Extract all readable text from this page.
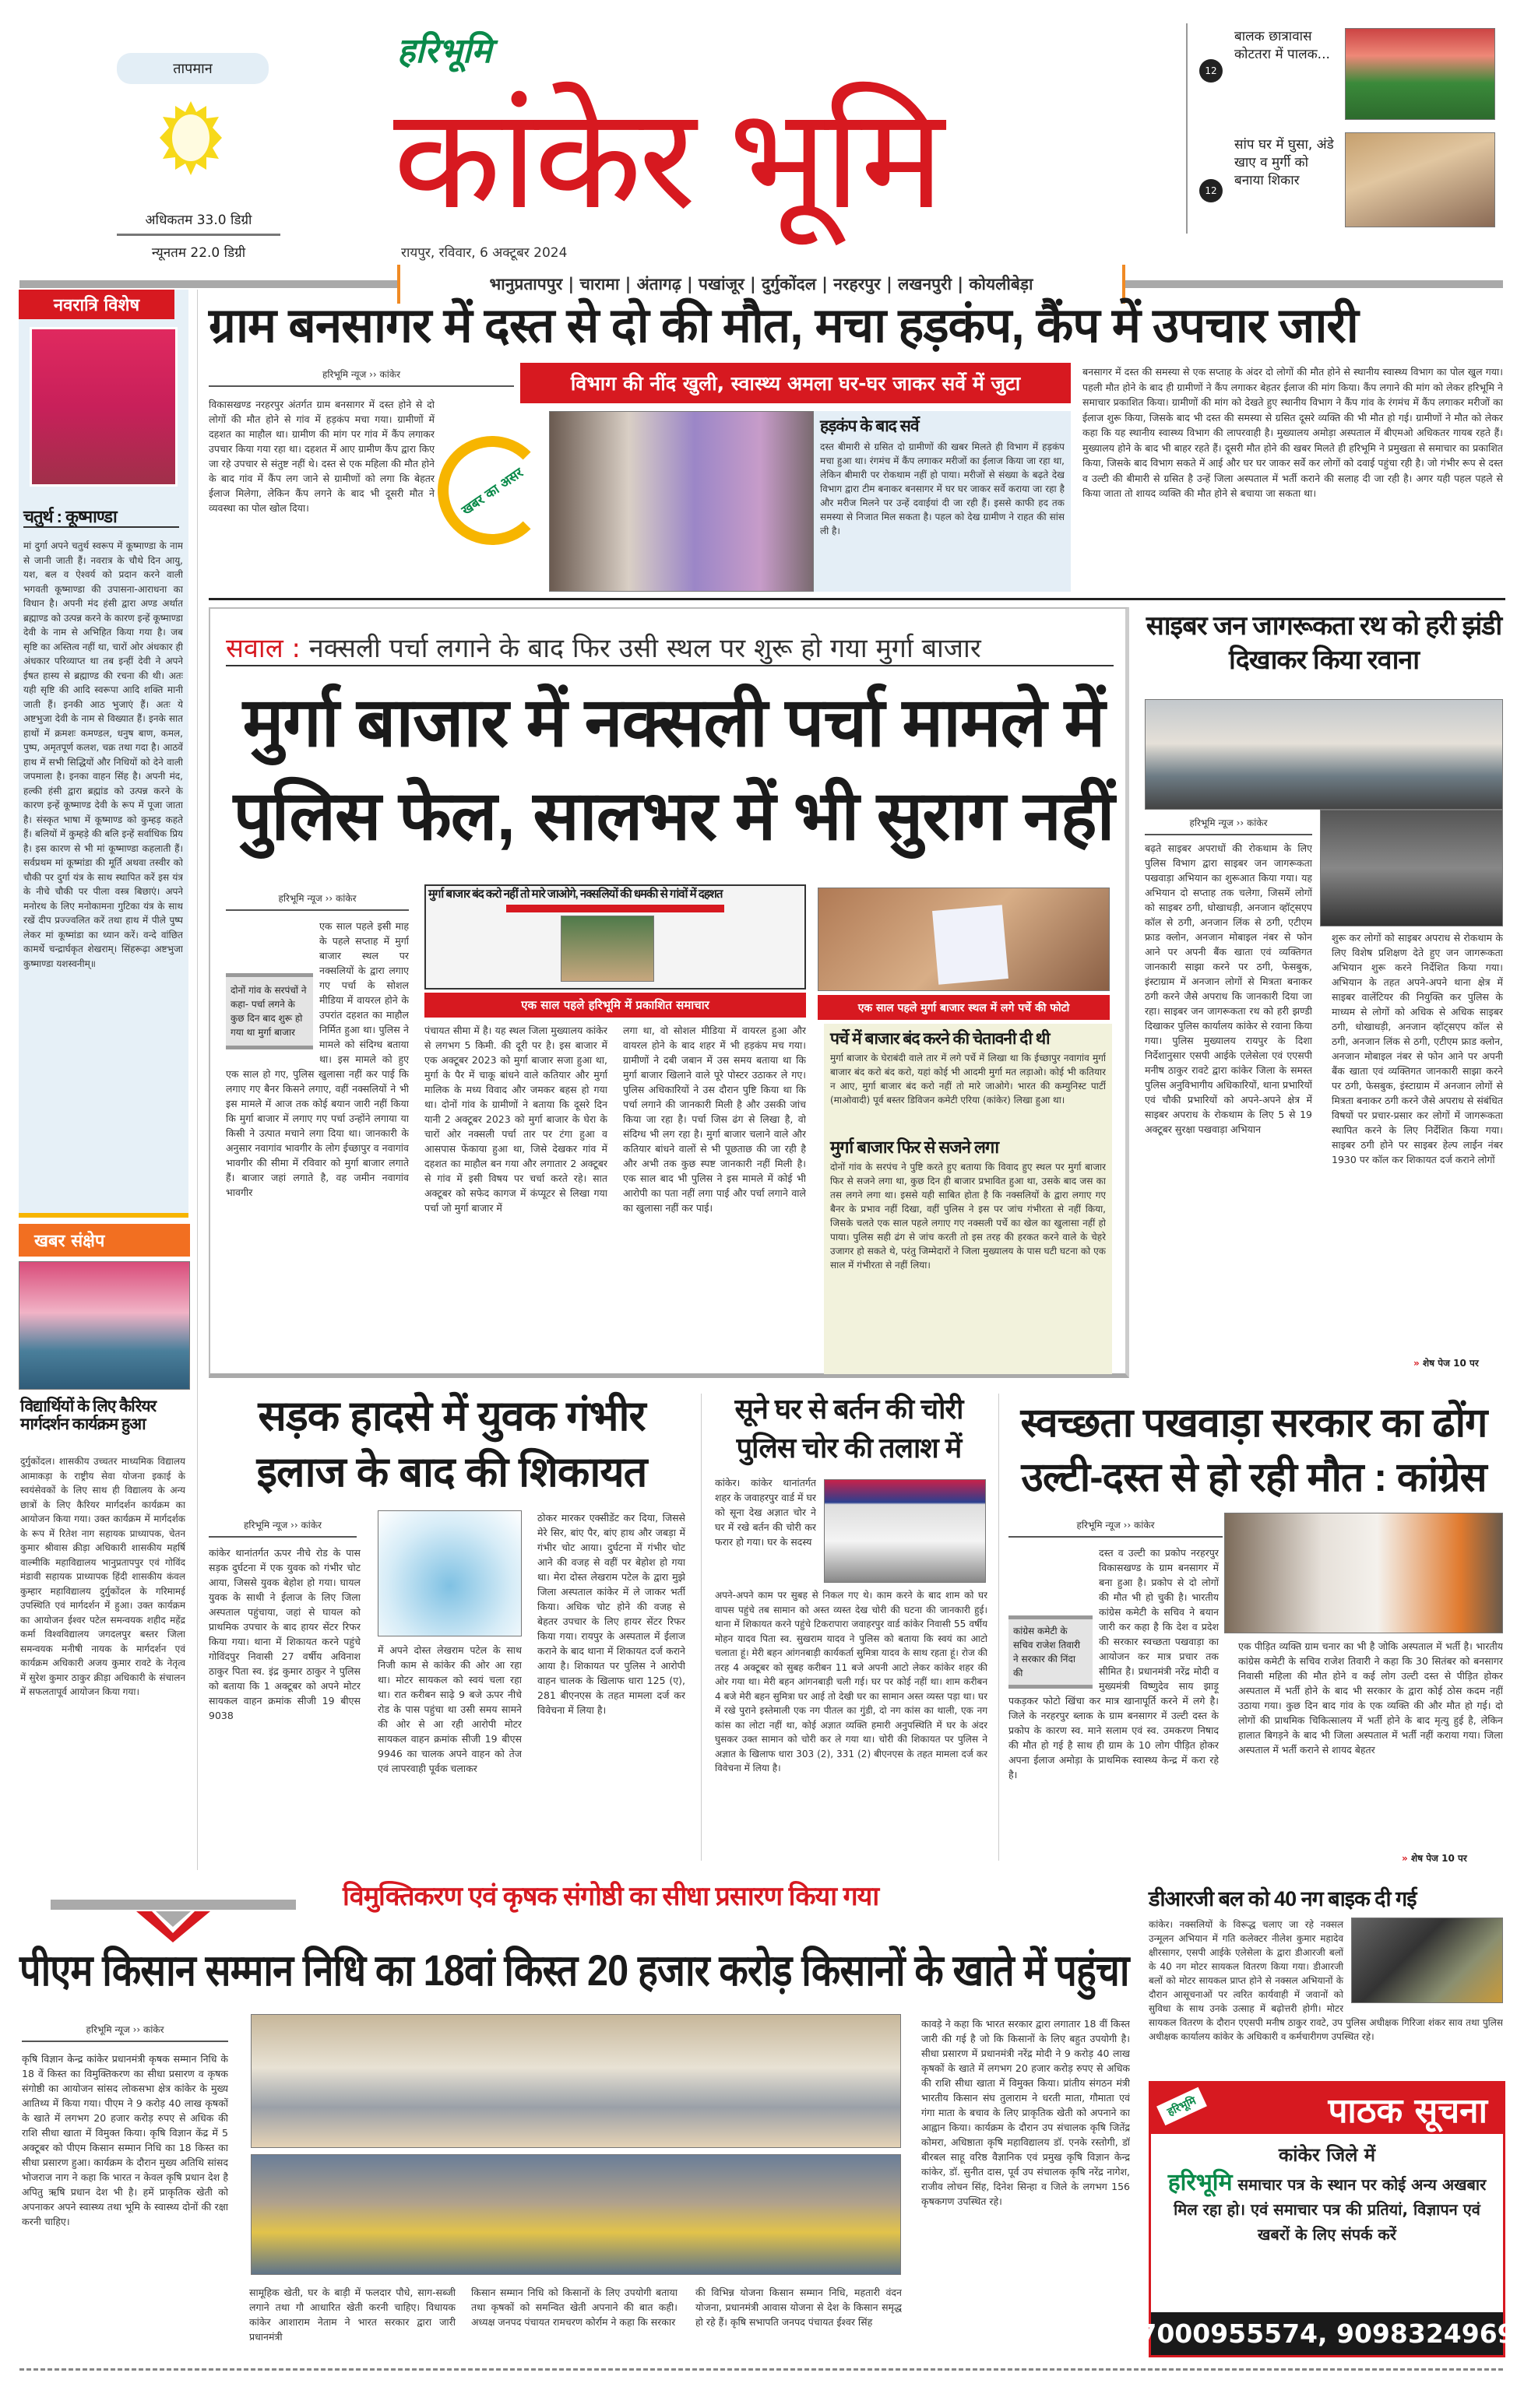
तापमान
अधिकतम 33.0 डिग्री
न्यूनतम 22.0 डिग्री
हरिभूमि
कांकेर भूमि
रायपुर, रविवार, 6 अक्टूबर 2024
भानुप्रतापपुर | चारामा | अंतागढ़ | पखांजूर | दुर्गुकोंदल | नरहरपुर | लखनपुरी | कोयलीबेड़ा
12
बालक छात्रावास कोटतरा में पालक...
12
सांप घर में घुसा, अंडे खाए व मुर्गी को बनाया शिकार
नवरात्रि विशेष
चतुर्थ : कूष्माण्डा
मां दुर्गा अपने चतुर्थ स्वरूप में कूष्माण्डा के नाम से जानी जाती हैं। नवरात्र के चौथे दिन आयु, यश, बल व ऐश्वर्य को प्रदान करने वाली भगवती कूष्माण्डा की उपासना-आराधना का विधान है। अपनी मंद हंसी द्वारा अण्ड अर्थात ब्रह्माण्ड को उत्पन्न करने के कारण इन्हें कूष्माण्डा देवी के नाम से अभिहित किया गया है। जब सृष्टि का अस्तित्व नहीं था, चारों ओर अंधकार ही अंधकार परिव्याप्त था तब इन्हीं देवी ने अपने ईषत हास्य से ब्रह्माण्ड की रचना की थी। अतः यही सृष्टि की आदि स्वरूपा आदि शक्ति मानी जाती हैं। इनकी आठ भुजाएं हैं। अतः ये अष्टभुजा देवी के नाम से विख्यात हैं। इनके सात हाथों में क्रमशः कमण्डल, धनुष बाण, कमल, पुष्प, अमृतपूर्ण कलश, चक्र तथा गदा है। आठवें हाथ में सभी सिद्धियों और निधियों को देने वाली जपमाला है। इनका वाहन सिंह है। अपनी मंद, हल्की हंसी द्वारा ब्रह्मांड को उत्पन्न करने के कारण इन्हें कूष्माण्ड देवी के रूप में पूजा जाता है। संस्कृत भाषा में कूष्माण्ड को कुम्हड़ कहते हैं। बलियों में कुम्हड़े की बलि इन्हें सर्वाधिक प्रिय है। इस कारण से भी मां कूष्माण्डा कहलाती हैं। सर्वप्रथम मां कूष्मांडा की मूर्ति अथवा तस्वीर को चौकी पर दुर्गा यंत्र के साथ स्थापित करें इस यंत्र के नीचे चौकी पर पीला वस्त्र बिछाएं। अपने मनोरथ के लिए मनोकामना गुटिका यंत्र के साथ रखें दीप प्रज्ज्वलित करें तथा हाथ में पीले पुष्प लेकर मां कूष्मांडा का ध्यान करें। वन्दे वांछित कामर्थे चन्द्रार्घकृत शेखराम्। सिंहरूढ़ा अष्टभुजा कुष्माण्डा यशस्वनीम्॥
खबर संक्षेप
विद्यार्थियों के लिए कैरियर मार्गदर्शन कार्यक्रम हुआ
दुर्गुकोंदल। शासकीय उच्चतर माध्यमिक विद्यालय आमाकड़ा के राष्ट्रीय सेवा योजना इकाई के स्वयंसेवकों के लिए साथ ही विद्यालय के अन्य छात्रों के लिए कैरियर मार्गदर्शन कार्यक्रम का आयोजन किया गया। उक्त कार्यक्रम में मार्गदर्शक के रूप में रितेश नाग सहायक प्राध्यापक, चेतन कुमार श्रीवास क्रीड़ा अधिकारी शासकीय महर्षि वाल्मीकि महाविद्यालय भानुप्रतापपुर एवं गोविंद मंडावी सहायक प्राध्यापक हिंदी शासकीय कंवल कुम्हार महाविद्यालय दुर्गुकोंदल के गरिमामई उपस्थिति एवं मार्गदर्शन में हुआ। उक्त कार्यक्रम का आयोजन ईश्वर पटेल समन्वयक शहीद महेंद्र कर्मा विश्वविद्यालय जगदलपुर बस्तर जिला समन्वयक मनीषी नायक के मार्गदर्शन एवं कार्यक्रम अधिकारी अजय कुमार रावटे के नेतृत्व में सुरेश कुमार ठाकुर क्रीड़ा अधिकारी के संचालन में सफलतापूर्व आयोजन किया गया।
ग्राम बनसागर में दस्त से दो की मौत, मचा हड़कंप, कैंप में उपचार जारी
हरिभूमि न्यूज ›› कांकेर
विकासखण्ड नरहरपुर अंतर्गत ग्राम बनसागर में दस्त होने से दो लोगों की मौत होने से गांव में हड़कंप मचा गया। ग्रामीणों में दहशत का माहौल था। ग्रामीण की मांग पर गांव में कैंप लगाकर उपचार किया गया रहा था। दहशत में आए ग्रामीण कैंप द्वारा किए जा रहे उपचार से संतुष्ट नहीं थे। दस्त से एक महिला की मौत होने के बाद गांव में कैंप लग जाने से ग्रामीणों को लगा कि बेहतर ईलाज मिलेगा, लेकिन कैंप लगने के बाद भी दूसरी मौत ने व्यवस्था का पोल खोल दिया।	खबर का असर
विभाग की नींद खुली, स्वास्थ्य अमला घर-घर जाकर सर्वे में जुटा
हड़कंप के बाद सर्वे
दस्त बीमारी से ग्रसित दो ग्रामीणों की खबर मिलते ही विभाग में हड़कंप मचा हुआ था। रंगमंच में कैंप लगाकर मरीजों का ईलाज किया जा रहा था, लेकिन बीमारी पर रोकथाम नहीं हो पाया। मरीजों से संख्या के बढ़ते देख विभाग द्वारा टीम बनाकर बनसागर में घर घर जाकर सर्वे कराया जा रहा है और मरीज मिलने पर उन्हें दवाईयां दी जा रही हैं। इससे काफी हद तक समस्या से निजात मिल सकता है। पहल को देख ग्रामीण ने राहत की सांस ली है।
बनसागर में दस्त की समस्या से एक सप्ताह के अंदर दो लोगों की मौत होने से स्थानीय स्वास्थ्य विभाग का पोल खुल गया। पहली मौत होने के बाद ही ग्रामीणों ने कैंप लगाकर बेहतर ईलाज की मांग किया। कैंप लगाने की मांग को लेकर हरिभूमि ने समाचार प्रकाशित किया। ग्रामीणों की मांग को देखते हुए स्थानीय विभाग ने कैंप गांव के रंगमंच में कैंप लगाकर मरीजों का ईलाज शुरू किया, जिसके बाद भी दस्त की समस्या से ग्रसित दूसरे व्यक्ति की भी मौत हो गई। ग्रामीणों ने मौत को लेकर कहा कि यह स्थानीय स्वास्थ्य विभाग की लापरवाही है। मुख्यालय अमोड़ा अस्पताल में बीएमओ अधिकतर गायब रहते हैं। मुख्यालय होने के बाद भी बाहर रहते हैं। दूसरी मौत होने की खबर मिलते ही हरिभूमि ने प्रमुखता से समाचार का प्रकाशित किया, जिसके बाद विभाग सकते में आई और घर घर जाकर सर्वे कर लोगों को दवाई पहुंचा रही है। जो गंभीर रूप से दस्त व उल्टी की बीमारी से ग्रसित है उन्हें जिला अस्पताल में भर्ती कराने की सलाह दी जा रही है। अगर यही पहल पहले से किया जाता तो शायद व्यक्ति की मौत होने से बचाया जा सकता था।
सवाल : नक्सली पर्चा लगाने के बाद फिर उसी स्थल पर शुरू हो गया मुर्गा बाजार
मुर्गा बाजार में नक्सली पर्चा मामले में
पुलिस फेल, सालभर में भी सुराग नहीं
हरिभूमि न्यूज ›› कांकेर
दोनों गांव के सरपंचों ने कहा- पर्चा लगने के कुछ दिन बाद शुरू हो गया था मुर्गा बाजार
एक साल पहले इसी माह के पहले सप्ताह में मुर्गा बाजार स्थल पर नक्सलियों के द्वारा लगाए गए पर्चा के सोशल मीडिया में वायरल होने के उपरांत दहशत का माहौल निर्मित हुआ था। पुलिस ने मामले को संदिग्ध बताया था। इस मामले को हुए एक साल हो गए, पुलिस खुलासा नहीं कर पाई कि लगाए गए बैनर किसने लगाए, वहीं नक्सलियों ने भी इस मामले में आज तक कोई बयान जारी नहीं किया कि मुर्गा बाजार में लगाए गए पर्चा उन्होंने लगाया या किसी ने उत्पात मचाने लगा दिया था। जानकारी के अनुसार नवागांव भावगीर के लोग ईच्छापुर व नवागांव भावगीर की सीमा में रविवार को मुर्गा बाजार लगाते हैं। बाजार जहां लगाते है, वह जमीन नवागांव भावगीर
मुर्गा बाजार बंद करो नहीं तो मारे जाओगे, नक्सलियों की धमकी से गांवों में दहशत
एक साल पहले हरिभूमि में प्रकाशित समाचार	एक साल पहले मुर्गा बाजार स्थल में लगे पर्चे की फोटो
पंचायत सीमा में है। यह स्थल जिला मुख्यालय कांकेर से लगभग 5 किमी. की दूरी पर है। इस बाजार में एक अक्टूबर 2023 को मुर्गा बाजार सजा हुआ था, मुर्गा के पैर में चाकू बांधने वाले कतियार और मुर्गा मालिक के मध्य विवाद और जमकर बहस हो गया था। दोनों गांव के ग्रामीणों ने बताया कि दूसरे दिन यानी 2 अक्टूबर 2023 को मुर्गा बाजार के घेरा के चारों ओर नक्सली पर्चा तार पर टंगा हुआ व आसपास फेंकाया हुआ था, जिसे देखकर गांव में दहशत का माहौल बन गया और लगातार 2 अक्टूबर से गांव में इसी विषय पर चर्चा करते रहे। सात अक्टूबर को सफेद कागज में कंप्यूटर से लिखा गया पर्चा जो मुर्गा बाजार में
लगा था, वो सोशल मीडिया में वायरल हुआ और वायरल होने के बाद शहर में भी हड़कंप मच गया। ग्रामीणों ने दबी जबान में उस समय बताया था कि मुर्गा बाजार खिलाने वाले पूरे पोस्टर उठाकर ले गए। पुलिस अधिकारियों ने उस दौरान पुष्टि किया था कि पर्चा लगाने की जानकारी मिली है और उसकी जांच किया जा रहा है। पर्चा जिस ढंग से लिखा है, वो संदिग्ध भी लग रहा है। मुर्गा बाजार चलाने वाले और कतियार बांधने वालों से भी पूछताछ की जा रही है और अभी तक कुछ स्पष्ट जानकारी नहीं मिली है। एक साल बाद भी पुलिस ने इस मामले में कोई भी आरोपी का पता नहीं लगा पाई और पर्चा लगाने वाले का खुलासा नहीं कर पाई।
पर्चे में बाजार बंद करने की चेतावनी दी थी
मुर्गा बाजार के घेराबंदी वाले तार में लगे पर्चे में लिखा था कि ईच्छापुर नवागांव मुर्गा बाजार बंद करो बंद करो, यहां कोई भी आदमी मुर्गा मत लड़ाओ। कोई भी कतियार न आए, मुर्गा बाजार बंद करो नहीं तो मारे जाओगे। भारत की कम्युनिस्ट पार्टी (माओवादी) पूर्व बस्तर डिविजन कमेटी एरिया (कांकेर) लिखा हुआ था।
मुर्गा बाजार फिर से सजने लगा
दोनों गांव के सरपंच ने पुष्टि करते हुए बताया कि विवाद हुए स्थल पर मुर्गा बाजार फिर से सजने लगा था, कुछ दिन ही बाजार प्रभावित हुआ था, उसके बाद जस का तस लगने लगा था। इससे यही साबित होता है कि नक्सलियों के द्वारा लगाए गए बैनर के प्रभाव नहीं दिखा, वहीं पुलिस ने इस पर जांच गंभीरता से नहीं किया, जिसके चलते एक साल पहले लगाए गए नक्सली पर्चे का खेल का खुलासा नहीं हो पाया। पुलिस सही ढंग से जांच करती तो इस तरह की हरकत करने वाले के चेहरे उजागर हो सकते थे, परंतु जिम्मेदारों ने जिला मुख्यालय के पास घटी घटना को एक साल में गंभीरता से नहीं लिया।
साइबर जन जागरूकता रथ को हरी झंडी दिखाकर किया रवाना
हरिभूमि न्यूज ›› कांकेर
बढ़ते साइबर अपराधों की रोकथाम के लिए पुलिस विभाग द्वारा साइबर जन जागरूकता पखवाड़ा अभियान का शुरूआत किया गया। यह अभियान दो सप्ताह तक चलेगा, जिसमें लोगों को साइबर ठगी, धोखाधड़ी, अनजान व्हॉट्सएप कॉल से ठगी, अनजान लिंक से ठगी, एटीएम फ्राड क्लोन, अनजान मोबाइल नंबर से फोन आने पर अपनी बैंक खाता एवं व्यक्तिगत जानकारी साझा करने पर ठगी, फेसबुक, इंस्टाग्राम में अनजान लोगों से मित्रता बनाकर ठगी करने जैसे अपराध कि जानकारी दिया जा रहा। साइबर जन जागरूकता रथ को हरी झण्डी दिखाकर पुलिस कार्यालय कांकेर से रवाना किया गया। पुलिस मुख्यालय रायपुर के दिशा निर्देशानुसार एसपी आईके एलेसेला एवं एएसपी मनीष ठाकुर रावटे द्वारा कांकेर जिला के समस्त पुलिस अनुविभागीय अधिकारियों, थाना प्रभारियों एवं चौकी प्रभारियों को अपने-अपने क्षेत्र में साइबर अपराध के रोकथाम के लिए 5 से 19 अक्टूबर सुरक्षा पखवाड़ा अभियान
शुरू कर लोगों को साइबर अपराध से रोकथाम के लिए विशेष प्रशिक्षण देते हुए जन जागरूकता अभियान शुरू करने निर्देशित किया गया। अभियान के तहत अपने-अपने थाना क्षेत्र में साइबर वालेंटियर की नियुक्ति कर पुलिस के माध्यम से लोगों को अधिक से अधिक साइबर ठगी, धोखाधड़ी, अनजान व्हॉट्सएप कॉल से ठगी, अनजान लिंक से ठगी, एटीएम फ्राड क्लोन, अनजान मोबाइल नंबर से फोन आने पर अपनी बैंक खाता एवं व्यक्तिगत जानकारी साझा करने पर ठगी, फेसबुक, इंस्टाग्राम में अनजान लोगों से मित्रता बनाकर ठगी करने जैसे अपराध से संबंधित विषयों पर प्रचार-प्रसार कर लोगों में जागरूकता स्थापित करने के लिए निर्देशित किया गया। साइबर ठगी होने पर साइबर हेल्प लाईन नंबर 1930 पर कॉल कर शिकायत दर्ज कराने लोगों
» शेष पेज 10 पर
सड़क हादसे में युवक गंभीर
इलाज के बाद की शिकायत
हरिभूमि न्यूज ›› कांकेर
कांकेर थानांतर्गत ऊपर नीचे रोड के पास सड़क दुर्घटना में एक युवक को गंभीर चोट आया, जिससे युवक बेहोश हो गया। घायल युवक के साथी ने ईलाज के लिए जिला अस्पताल पहुंचाया, जहां से घायल को प्राथमिक उपचार के बाद हायर सेंटर रिफर किया गया। थाना में शिकायत करने पहुंचे गोविंदपुर निवासी 27 वर्षीय अविनाश ठाकुर पिता स्व. इंद्र कुमार ठाकुर ने पुलिस को बताया कि 1 अक्टूबर को अपने मोटर सायकल वाहन क्रमांक सीजी 19 बीएस 9038
में अपने दोस्त लेखराम पटेल के साथ निजी काम से कांकेर की ओर आ रहा था। मोटर सायकल को स्वयं चला रहा था। रात करीबन साढ़े 9 बजे ऊपर नीचे रोड के पास पहुंचा था उसी समय सामने की ओर से आ रही आरोपी मोटर सायकल वाहन क्रमांक सीजी 19 बीएस 9946 का चालक अपने वाहन को तेज एवं लापरवाही पूर्वक चलाकर
ठोकर मारकर एक्सीडेंट कर दिया, जिससे मेरे सिर, बांए पैर, बांए हाथ और जबड़ा में गंभीर चोट आया। दुर्घटना में गंभीर चोट आने की वजह से वहीं पर बेहोश हो गया था। मेरा दोस्त लेखराम पटेल के द्वारा मुझे जिला अस्पताल कांकेर में ले जाकर भर्ती किया। अधिक चोट होने की वजह से बेहतर उपचार के लिए हायर सेंटर रिफर किया गया। रायपुर के अस्पताल में ईलाज कराने के बाद थाना में शिकायत दर्ज कराने आया है। शिकायत पर पुलिस ने आरोपी वाहन चालक के खिलाफ धारा 125 (ए), 281 बीएनएस के तहत मामला दर्ज कर विवेचना में लिया है।
सूने घर से बर्तन की चोरी
पुलिस चोर की तलाश में
कांकेर। कांकेर थानांतर्गत शहर के जवाहरपुर वार्ड में घर को सूना देख अज्ञात चोर ने घर में रखे बर्तन की चोरी कर फरार हो गया। घर के सदस्य
अपने-अपने काम पर सुबह से निकल गए थे। काम करने के बाद शाम को घर वापस पहुंचे तब सामान को अस्त व्यस्त देख चोरी की घटना की जानकारी हुई। थाना में शिकायत करने पहुंचे टिकरापारा जवाहरपुर वार्ड कांकेर निवासी 55 वर्षीय मोहन यादव पिता स्व. सुखराम यादव ने पुलिस को बताया कि स्वयं का आटो चलाता हूं। मेरी बहन आंगनबाड़ी कार्यकर्ता सुमित्रा यादव के साथ रहता हूं। रोज की तरह 4 अक्टूबर को सुबह करीबन 11 बजे अपनी आटो लेकर कांकेर शहर की ओर गया था। मेरी बहन आंगनबाड़ी चली गई। घर पर कोई नहीं था। शाम करीबन 4 बजे मेरी बहन सुमित्रा घर आई तो देखी घर का सामान अस्त व्यस्त पड़ा था। घर में रखे पुराने इस्तेमाली एक नग पीतल का गुंडी, दो नग कांस का थाली, एक नग कांस का लोटा नहीं था, कोई अज्ञात व्यक्ति हमारी अनुपस्थिति में घर के अंदर घुसकर उक्त सामान को चोरी कर ले गया था। चोरी की शिकायत पर पुलिस ने अज्ञात के खिलाफ धारा 303 (2), 331 (2) बीएनएस के तहत मामला दर्ज कर विवेचना में लिया है।
स्वच्छता पखवाड़ा सरकार का ढोंग
उल्टी-दस्त से हो रही मौत : कांग्रेस
हरिभूमि न्यूज ›› कांकेर
कांग्रेस कमेटी के सचिव राजेश तिवारी ने सरकार की निंदा की
दस्त व उल्टी का प्रकोप नरहरपुर विकासखण्ड के ग्राम बनसागर में बना हुआ है। प्रकोप से दो लोगों की मौत भी हो चुकी है। भारतीय कांग्रेस कमेटी के सचिव ने बयान जारी कर कहा है कि देश व प्रदेश की सरकार स्वच्छता पखवाड़ा का आयोजन कर मात्र प्रचार तक सीमित है। प्रधानमंत्री नरेंद्र मोदी व मुख्यमंत्री विष्णुदेव साय झाड़ू पकड़कर फोटो खिंचा कर मात्र खानापूर्ति करने में लगे है। जिले के नरहरपुर ब्लाक के ग्राम बनसागर में उल्टी दस्त के प्रकोप के कारण स्व. माने सलाम एवं स्व. उमकरण निषाद की मौत हो गई है साथ ही ग्राम के 10 लोग पीड़ित होकर अपना ईलाज अमोड़ा के प्राथमिक स्वास्थ्य केन्द्र में करा रहे है।
एक पीड़ित व्यक्ति ग्राम चनार का भी है जोकि अस्पताल में भर्ती है। भारतीय कांग्रेस कमेटी के सचिव राजेश तिवारी ने कहा कि 30 सितंबर को बनसागर निवासी महिला की मौत होने व कई लोग उल्टी दस्त से पीड़ित होकर अस्पताल में भर्ती होने के बाद भी सरकार के द्वारा कोई ठोस कदम नहीं उठाया गया। कुछ दिन बाद गांव के एक व्यक्ति की और मौत हो गई। दो लोगों की प्राथमिक चिकित्सालय में भर्ती होने के बाद मृत्यु हुई है, लेकिन हालात बिगड़ने के बाद भी जिला अस्पताल में भर्ती नहीं कराया गया। जिला अस्पताल में भर्ती कराने से शायद बेहतर
» शेष पेज 10 पर
विमुक्तिकरण एवं कृषक संगोष्ठी का सीधा प्रसारण किया गया
पीएम किसान सम्मान निधि का 18वां किस्त 20 हजार करोड़ किसानों के खाते में पहुंचा
हरिभूमि न्यूज ›› कांकेर
कृषि विज्ञान केन्द्र कांकेर प्रधानमंत्री कृषक सम्मान निधि के 18 वें किस्त का विमुक्तिकरण का सीधा प्रसारण व कृषक संगोष्ठी का आयोजन सांसद लोकसभा क्षेत्र कांकेर के मुख्य आतिथ्य में किया गया। पीएम ने 9 करोड़ 40 लाख कृषकों के खाते में लगभग 20 हजार करोड़ रुपए से अधिक की राशि सीधा खाता में विमुक्त किया। कृषि विज्ञान केंद्र में 5 अक्टूबर को पीएम किसान सम्मान निधि का 18 किस्त का सीधा प्रसारण हुआ। कार्यक्रम के दौरान मुख्य अतिथि सांसद भोजराज नाग ने कहा कि भारत न केवल कृषि प्रधान देश है अपितु ऋषि प्रधान देश भी है। हमें प्राकृतिक खेती को अपनाकर अपने स्वास्थ्य तथा भूमि के स्वास्थ्य दोनों की रक्षा करनी चाहिए।
सामूहिक खेती, घर के बाड़ी में फलदार पौधे, साग-सब्जी लगाने तथा गौ आधारित खेती करनी चाहिए। विधायक कांकेर आशाराम नेताम ने भारत सरकार द्वारा जारी प्रधानमंत्री
किसान सम्मान निधि को किसानों के लिए उपयोगी बताया तथा कृषकों को समन्वित खेती अपनाने की बात कही। अध्यक्ष जनपद पंचायत रामचरण कोर्राम ने कहा कि सरकार
की विभिन्न योजना किसान सम्मान निधि, महतारी वंदन योजना, प्रधानमंत्री आवास योजना से देश के किसान समृद्ध हो रहे हैं। कृषि सभापति जनपद पंचायत ईश्वर सिंह
कावड़े ने कहा कि भारत सरकार द्वारा लगातार 18 वीं किस्त जारी की गई है जो कि किसानों के लिए बहुत उपयोगी है। सीधा प्रसारण में प्रधानमंत्री नरेंद्र मोदी ने 9 करोड़ 40 लाख कृषकों के खाते में लगभग 20 हजार करोड़ रुपए से अधिक की राशि सीधा खाता में विमुक्त किया। प्रांतीय संगठन मंत्री भारतीय किसान संघ तुलाराम ने धरती माता, गौमाता एवं गंगा माता के बचाव के लिए प्राकृतिक खेती को अपनाने का आह्वान किया। कार्यक्रम के दौरान उप संचालक कृषि जितेंद्र कोमरा, अधिष्ठाता कृषि महाविद्यालय डॉ. एनके रस्तोगी, डॉ बीरबल साहू वरिष्ठ वैज्ञानिक एवं प्रमुख कृषि विज्ञान केन्द्र कांकेर, डॉ. सुनीत दास, पूर्व उप संचालक कृषि नरेंद्र नागेश, राजीव लोचन सिंह, दिनेश सिन्हा व जिले के लगभग 156 कृषकगण उपस्थित रहे।
डीआरजी बल को 40 नग बाइक दी गई
कांकेर। नक्सलियों के विरूद्ध चलाए जा रहे नक्सल उन्मूलन अभियान में गति कलेक्टर नीलेश कुमार महादेव क्षीरसागर, एसपी आईके एलेसेला के द्वारा डीआरजी बलों के 40 नग मोटर सायकल वितरण किया गया। डीआरजी बलों को मोटर सायकल प्राप्त होने से नक्सल अभियानों के दौरान आसूचनाओं पर त्वरित कार्यवाही में जवानों को सुविधा के साथ उनके उत्साह में बढ़ोत्तरी होगी। मोटर सायकल वितरण के दौरान एएसपी मनीष ठाकुर रावटे, उप पुलिस अधीक्षक गिरिजा शंकर साव तथा पुलिस अधीक्षक कार्यालय कांकेर के अधिकारी व कर्मचारीगण उपस्थित रहे।
हरिभूमि	पाठक सूचना
कांकेर जिले में
हरिभूमि समाचार पत्र के स्थान पर कोई अन्य अखबार मिल रहा हो। एवं समाचार पत्र की प्रतियां, विज्ञापन एवं खबरों के लिए संपर्क करें
7000955574, 9098324969
